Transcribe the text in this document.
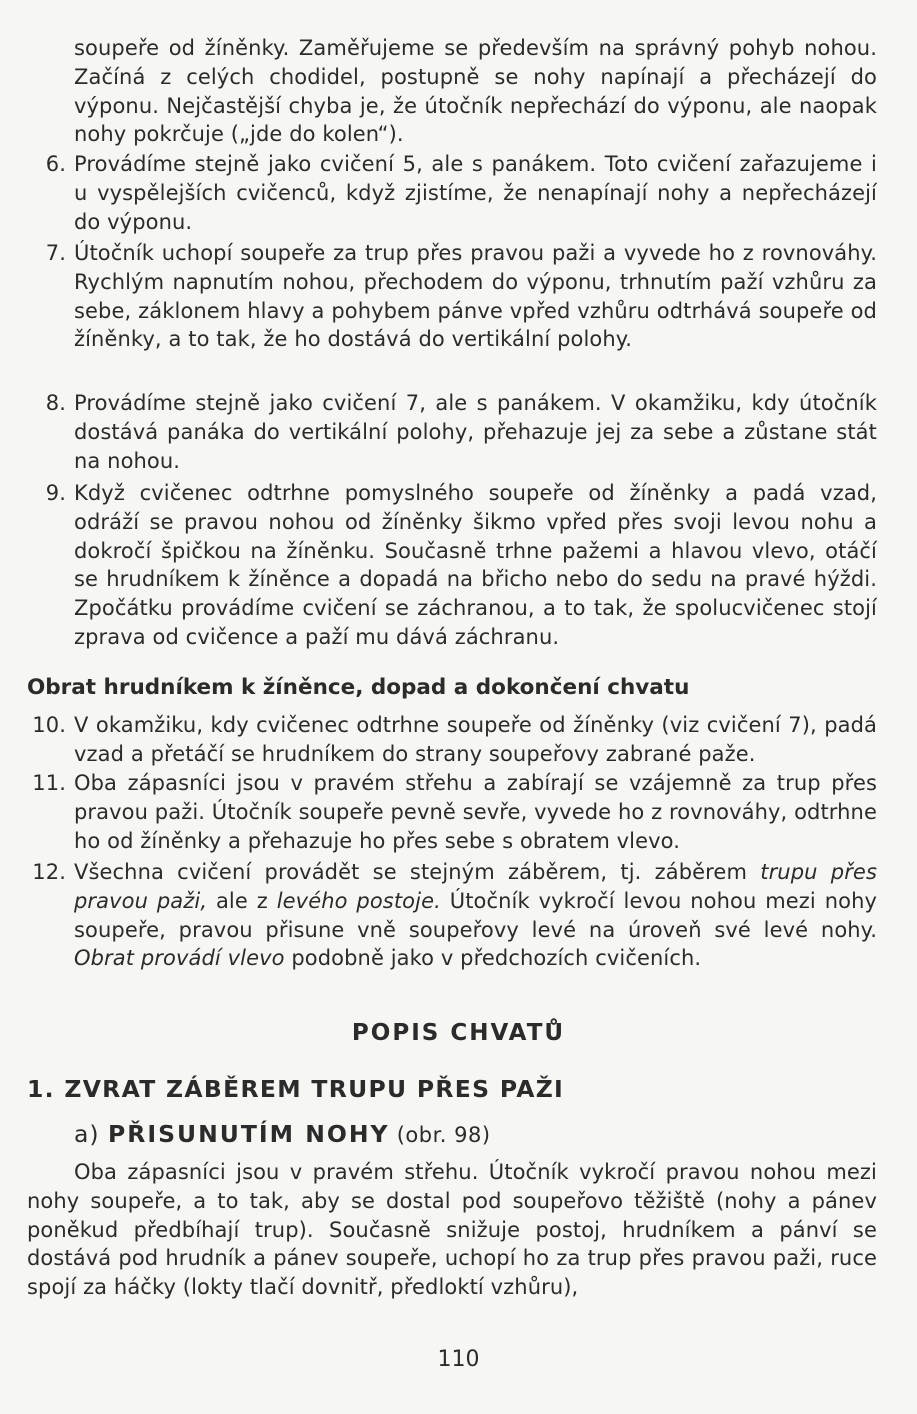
soupeře od žíněnky. Zaměřujeme se především na správný pohyb nohou. Začíná z celých chodidel, postupně se nohy napínají a přecházejí do výponu. Nejčastější chyba je, že útočník nepřechází do výponu, ale naopak nohy pokrčuje („jde do kolen“).
6. Provádíme stejně jako cvičení 5, ale s panákem. Toto cvičení zařazujeme i u vyspělejších cvičenců, když zjistíme, že nenapínají nohy a nepřecházejí do výponu.
7. Útočník uchopí soupeře za trup přes pravou paži a vyvede ho z rovnováhy. Rychlým napnutím nohou, přechodem do výponu, trhnutím paží vzhůru za sebe, záklonem hlavy a pohybem pánve vpřed vzhůru odtrhává soupeře od žíněnky, a to tak, že ho dostává do vertikální polohy.
8. Provádíme stejně jako cvičení 7, ale s panákem. V okamžiku, kdy útočník dostává panáka do vertikální polohy, přehazuje jej za sebe a zůstane stát na nohou.
9. Když cvičenec odtrhne pomyslného soupeře od žíněnky a padá vzad, odráží se pravou nohou od žíněnky šikmo vpřed přes svoji levou nohu a dokročí špičkou na žíněnku. Současně trhne pažemi a hlavou vlevo, otáčí se hrudníkem k žíněnce a dopadá na břicho nebo do sedu na pravé hýždi. Zpočátku provádíme cvičení se záchranou, a to tak, že spolucvičenec stojí zprava od cvičence a paží mu dává záchranu.
Obrat hrudníkem k žíněnce, dopad a dokončení chvatu
10. V okamžiku, kdy cvičenec odtrhne soupeře od žíněnky (viz cvičení 7), padá vzad a přetáčí se hrudníkem do strany soupeřovy zabrané paže.
11. Oba zápasníci jsou v pravém střehu a zabírají se vzájemně za trup přes pravou paži. Útočník soupeře pevně sevře, vyvede ho z rovnováhy, odtrhne ho od žíněnky a přehazuje ho přes sebe s obratem vlevo.
12. Všechna cvičení provádět se stejným záběrem, tj. záběrem trupu přes pravou paži, ale z levého postoje. Útočník vykročí levou nohou mezi nohy soupeře, pravou přisune vně soupeřovy levé na úroveň své levé nohy. Obrat provádí vlevo podobně jako v předchozích cvičeních.
POPIS CHVATŮ
1. ZVRAT ZÁBĚREM TRUPU PŘES PAŽI
a) PŘISUNUTÍM NOHY (obr. 98)
Oba zápasníci jsou v pravém střehu. Útočník vykročí pravou nohou mezi nohy soupeře, a to tak, aby se dostal pod soupeřovo těžiště (nohy a pánev poněkud předbíhají trup). Současně snižuje postoj, hrudníkem a pánví se dostává pod hrudník a pánev soupeře, uchopí ho za trup přes pravou paži, ruce spojí za háčky (lokty tlačí dovnitř, předloktí vzhůru),
110
